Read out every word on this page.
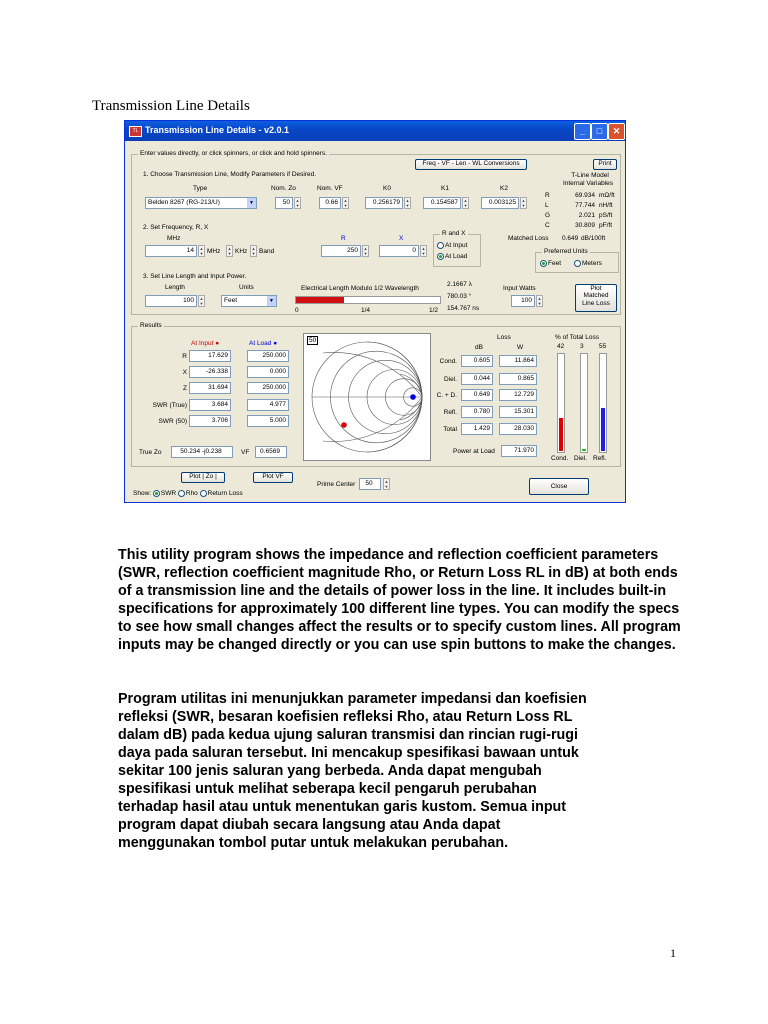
Transmission Line Details
TL Transmission Line Details - v2.0.1	_	□	✕
Enter values directly, or click spinners, or click and hold spinners.
Freq - VF - Len - WL Conversions	Print
1. Choose Transmission Line, Modify Parameters if Desired.
Type
Belden 8267 (RG-213/U)	▼
Nom. Zo
50	▲
▼
Nom. VF
0.66	▲
▼
K0
0.256179	▲
▼
K1
0.154587	▲
▼
K2
0.003125	▲
▼
T-Line Model
Internal Variables
R	69.934 mΩ/ft
L	77.744 nH/ft
G	2.021 pS/ft
C	30.809 pF/ft
Matched Loss 0.649 dB/100ft
Preferred Units
Feet	Meters
2. Set Frequency, R, X
MHz
14	▲
▼ MHz	▲
▼ KHz	▲
▼ Band
R
250	▲
▼
X
0	▲
▼
R and X
At Input
At Load
3. Set Line Length and Input Power.
Length
100	▲
▼
Units
Feet	▼
Electrical Length Modulo 1/2 Wavelength
0	1/4	1/2
2.1667 λ
780.03 °
154.767 ns
Input Watts
100	▲
▼
Plot
Matched
Line Loss
Results
At Input ●	At Load ●
True Zo	50.234 -j0.238	VF	0.6569
50	Loss
dB	W
Power at Load	71.970
% of Total Loss
Plot | Zo |	Plot VF
Show: SWR Rho Return Loss
Prime Center	50	▲
▼	Close
R	17.629	250.000
X	-26.338	0.000
Z	31.694	250.000
SWR (True)	3.684	4.977
SWR (50)	3.706	5.000
Cond.	0.605	11.864
Diel.	0.044	0.865
C. + D.	0.649	12.729
Refl.	0.780	15.301
Total	1.429	28.030
42
Cond.
3
Diel.
55
Refl.
This utility program shows the impedance and reflection coefficient parameters (SWR, reflection coefficient magnitude Rho, or Return Loss RL in dB) at both ends of a transmission line and the details of power loss in the line. It includes built-in specifications for approximately 100 different line types. You can modify the specs to see how small changes affect the results or to specify custom lines. All program inputs may be changed directly or you can use spin buttons to make the changes.
Program utilitas ini menunjukkan parameter impedansi dan koefisien refleksi (SWR, besaran koefisien refleksi Rho, atau Return Loss RL dalam dB) pada kedua ujung saluran transmisi dan rincian rugi-rugi daya pada saluran tersebut. Ini mencakup spesifikasi bawaan untuk sekitar 100 jenis saluran yang berbeda. Anda dapat mengubah spesifikasi untuk melihat seberapa kecil pengaruh perubahan terhadap hasil atau untuk menentukan garis kustom. Semua input program dapat diubah secara langsung atau Anda dapat menggunakan tombol putar untuk melakukan perubahan.
1
